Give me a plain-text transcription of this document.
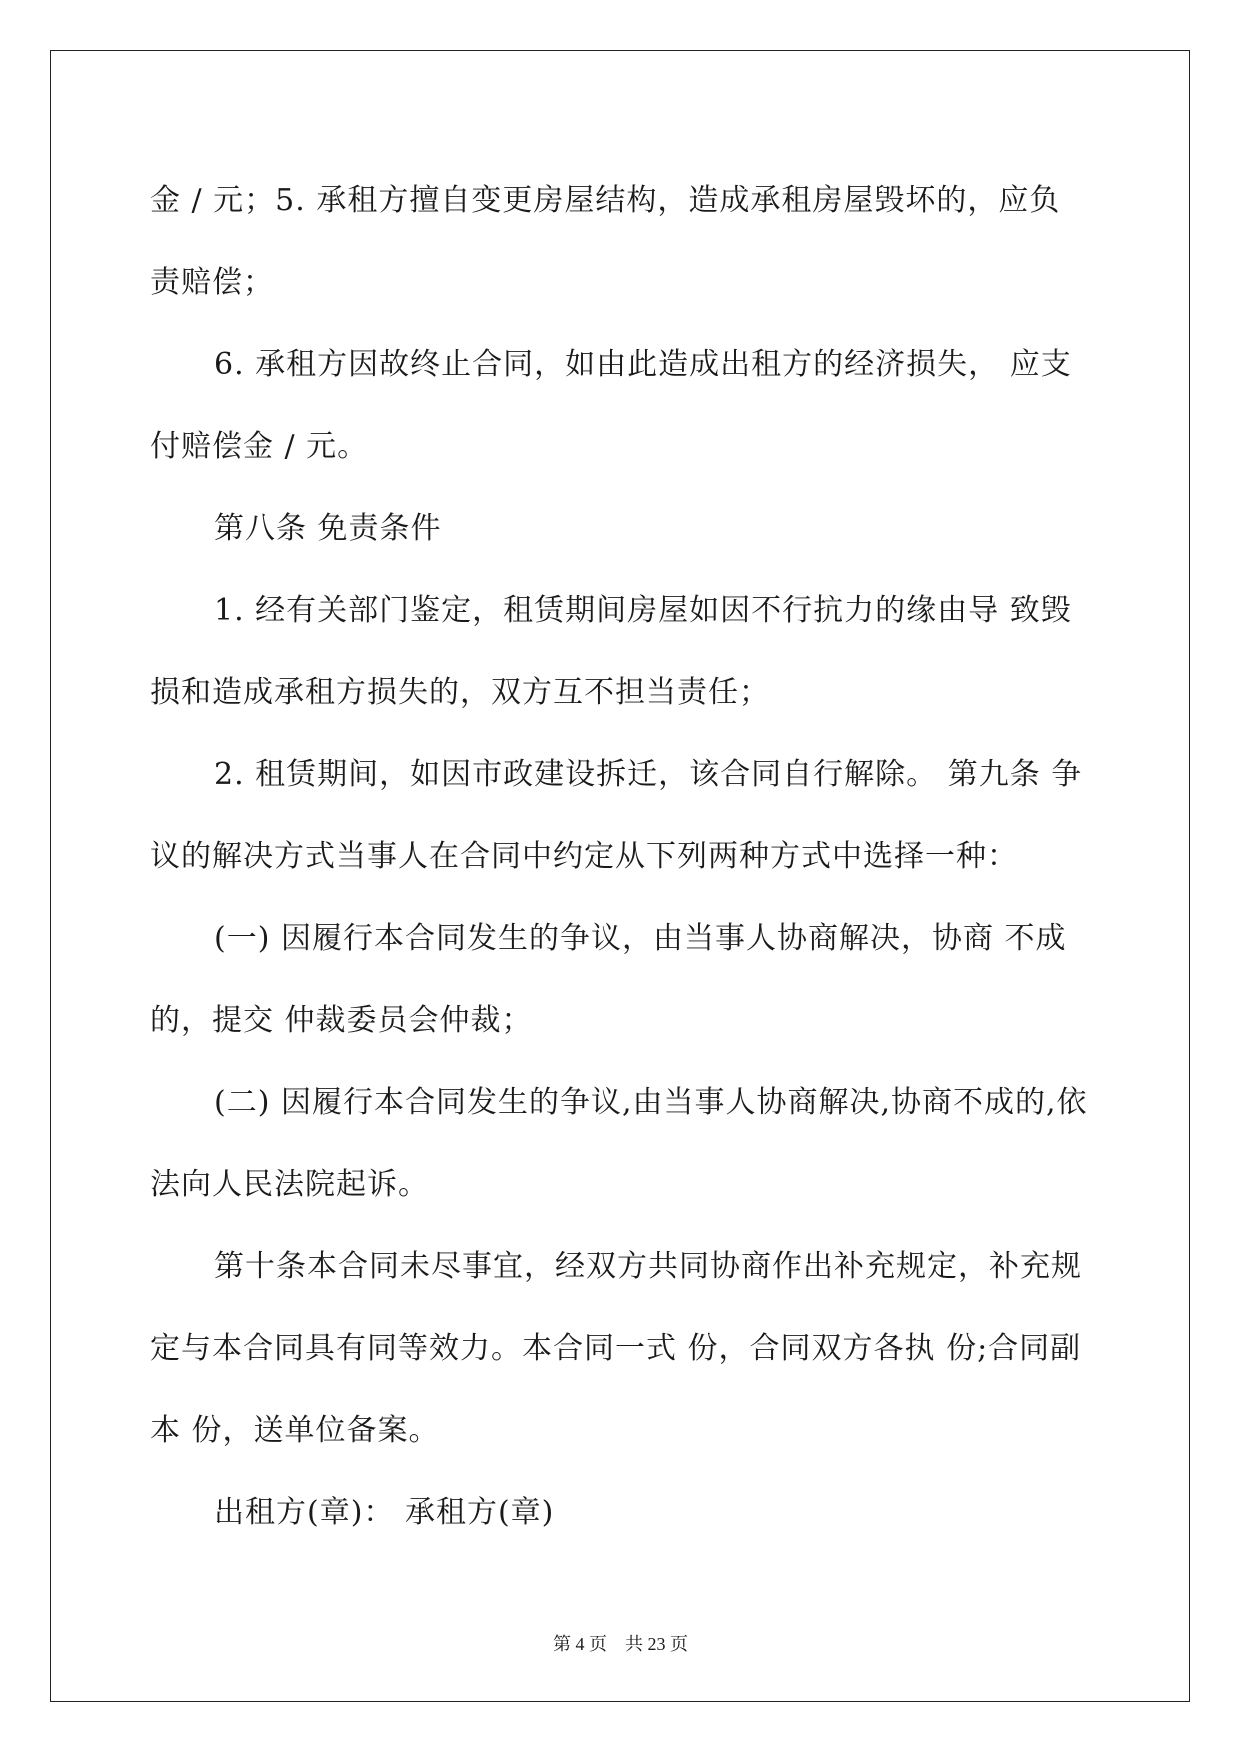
金 / 元；5. 承租方擅自变更房屋结构，造成承租房屋毁坏的，应负责赔偿；

6. 承租方因故终止合同，如由此造成出租方的经济损失， 应支付赔偿金 / 元。

第八条 免责条件

1. 经有关部门鉴定，租赁期间房屋如因不行抗力的缘由导 致毁损和造成承租方损失的，双方互不担当责任；

2. 租赁期间，如因市政建设拆迁，该合同自行解除。 第九条 争议的解决方式当事人在合同中约定从下列两种方式中选择一种：

(一) 因履行本合同发生的争议，由当事人协商解决，协商 不成的，提交 仲裁委员会仲裁；

(二) 因履行本合同发生的争议,由当事人协商解决,协商不成的,依法向人民法院起诉。

第十条本合同未尽事宜，经双方共同协商作出补充规定，补充规定与本合同具有同等效力。本合同一式 份，合同双方各执 份;合同副本 份，送单位备案。

出租方(章)： 承租方(章)

第 4 页　共 23 页
